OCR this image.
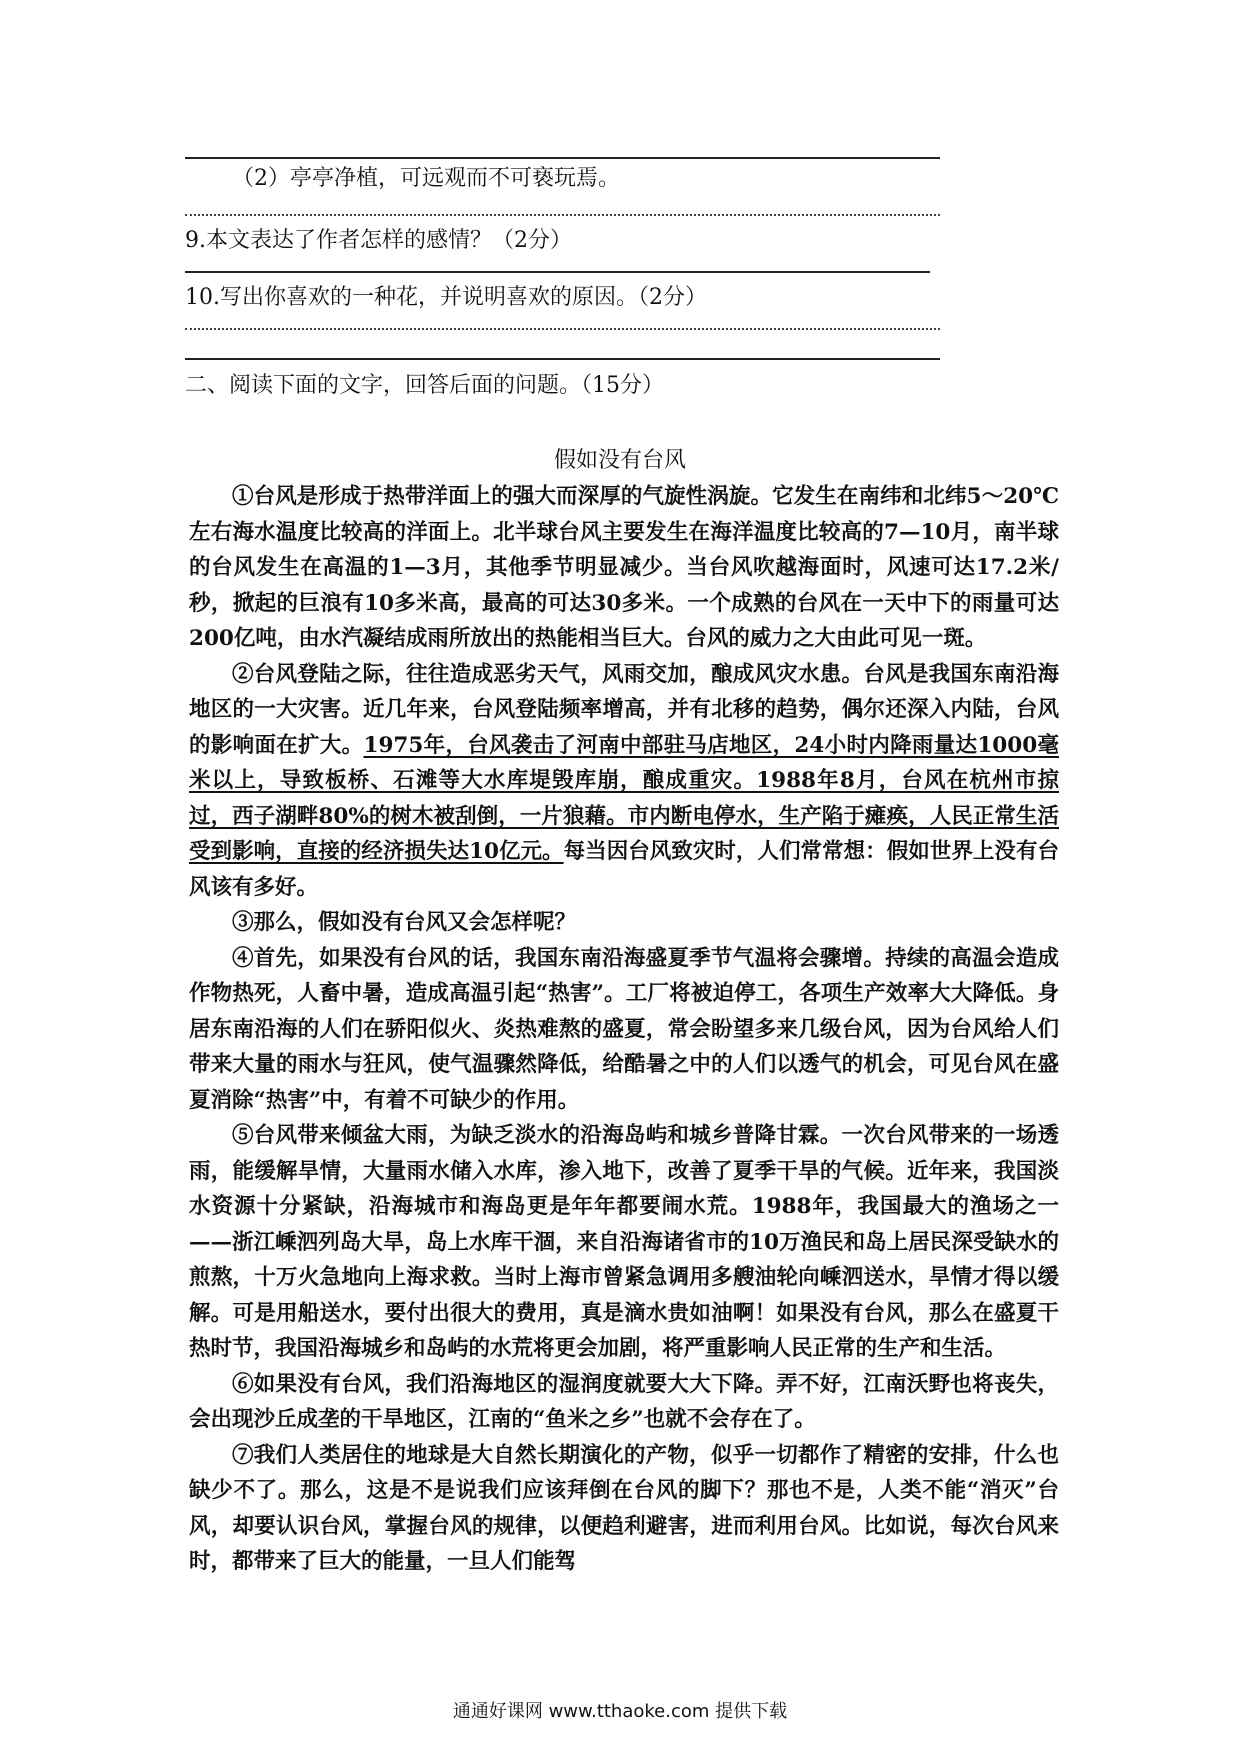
（2）亭亭净植，可远观而不可亵玩焉。
9.本文表达了作者怎样的感情？（2分）
10.写出你喜欢的一种花，并说明喜欢的原因。（2分）
二、阅读下面的文字，回答后面的问题。（15分）
假如没有台风

①台风是形成于热带洋面上的强大而深厚的气旋性涡旋。它发生在南纬和北纬5～20℃左右海水温度比较高的洋面上。北半球台风主要发生在海洋温度比较高的7—10月，南半球的台风发生在高温的1—3月，其他季节明显减少。当台风吹越海面时，风速可达17.2米/秒，掀起的巨浪有10多米高，最高的可达30多米。一个成熟的台风在一天中下的雨量可达200亿吨，由水汽凝结成雨所放出的热能相当巨大。台风的威力之大由此可见一斑。

②台风登陆之际，往往造成恶劣天气，风雨交加，酿成风灾水患。台风是我国东南沿海地区的一大灾害。近几年来，台风登陆频率增高，并有北移的趋势，偶尔还深入内陆，台风的影响面在扩大。1975年，台风袭击了河南中部驻马店地区，24小时内降雨量达1000毫米以上，导致板桥、石滩等大水库堤毁库崩，酿成重灾。1988年8月，台风在杭州市掠过，西子湖畔80%的树木被刮倒，一片狼藉。市内断电停水，生产陷于瘫痪，人民正常生活受到影响，直接的经济损失达10亿元。每当因台风致灾时，人们常常想：假如世界上没有台风该有多好。

③那么，假如没有台风又会怎样呢？

④首先，如果没有台风的话，我国东南沿海盛夏季节气温将会骤增。持续的高温会造成作物热死，人畜中暑，造成高温引起“热害”。工厂将被迫停工，各项生产效率大大降低。身居东南沿海的人们在骄阳似火、炎热难熬的盛夏，常会盼望多来几级台风，因为台风给人们带来大量的雨水与狂风，使气温骤然降低，给酷暑之中的人们以透气的机会，可见台风在盛夏消除“热害”中，有着不可缺少的作用。

⑤台风带来倾盆大雨，为缺乏淡水的沿海岛屿和城乡普降甘霖。一次台风带来的一场透雨，能缓解旱情，大量雨水储入水库，渗入地下，改善了夏季干旱的气候。近年来，我国淡水资源十分紧缺，沿海城市和海岛更是年年都要闹水荒。1988年，我国最大的渔场之一——浙江嵊泗列岛大旱，岛上水库干涸，来自沿海诸省市的10万渔民和岛上居民深受缺水的煎熬，十万火急地向上海求救。当时上海市曾紧急调用多艘油轮向嵊泗送水，旱情才得以缓解。可是用船送水，要付出很大的费用，真是滴水贵如油啊！如果没有台风，那么在盛夏干热时节，我国沿海城乡和岛屿的水荒将更会加剧，将严重影响人民正常的生产和生活。

⑥如果没有台风，我们沿海地区的湿润度就要大大下降。弄不好，江南沃野也将丧失，会出现沙丘成垄的干旱地区，江南的“鱼米之乡”也就不会存在了。

⑦我们人类居住的地球是大自然长期演化的产物，似乎一切都作了精密的安排，什么也缺少不了。那么，这是不是说我们应该拜倒在台风的脚下？那也不是，人类不能“消灭”台风，却要认识台风，掌握台风的规律，以便趋利避害，进而利用台风。比如说，每次台风来时，都带来了巨大的能量，一旦人们能驾

通通好课网 www.tthaoke.com 提供下载
